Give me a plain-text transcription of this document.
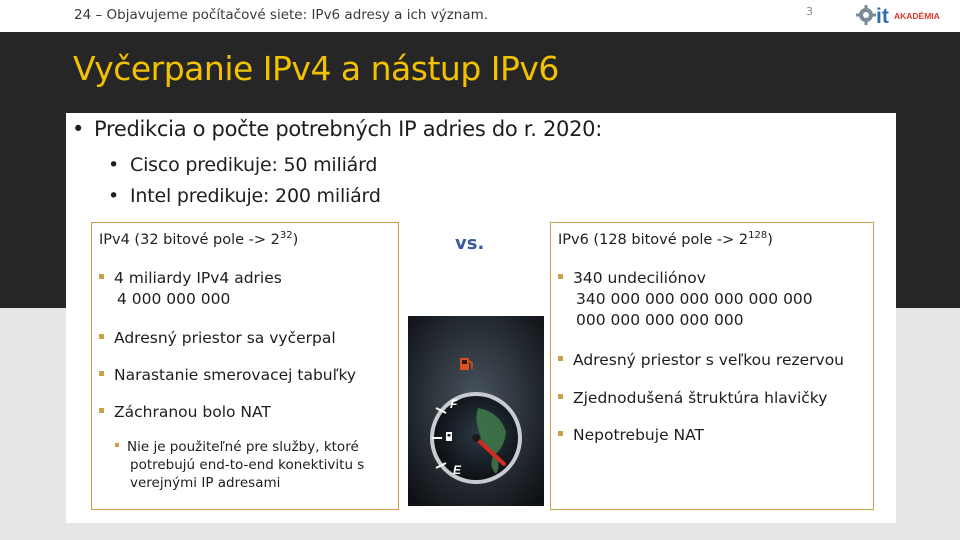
24 – Objavujeme počítačové siete: IPv6 adresy a ich význam.	3	it AKADÉMIA
Vyčerpanie IPv4 a nástup IPv6
• Predikcia o počte potrebných IP adries do r. 2020:
• Cisco predikuje: 50 miliárd
• Intel predikuje: 200 miliárd
IPv4 (32 bitové pole -> $2^{32}$)
4 miliardy IPv4 adries
4 000 000 000
Adresný priestor sa vyčerpal
Narastanie smerovacej tabuľky
Záchranou bolo NAT
Nie je použiteľné pre služby, ktoré
potrebujú end-to-end konektivitu s
verejnými IP adresami
vs.
F
E
IPv6 (128 bitové pole -> $2^{128}$)
340 undeciliónov
340 000 000 000 000 000 000
000 000 000 000 000
Adresný priestor s veľkou rezervou
Zjednodušená štruktúra hlavičky
Nepotrebuje NAT
